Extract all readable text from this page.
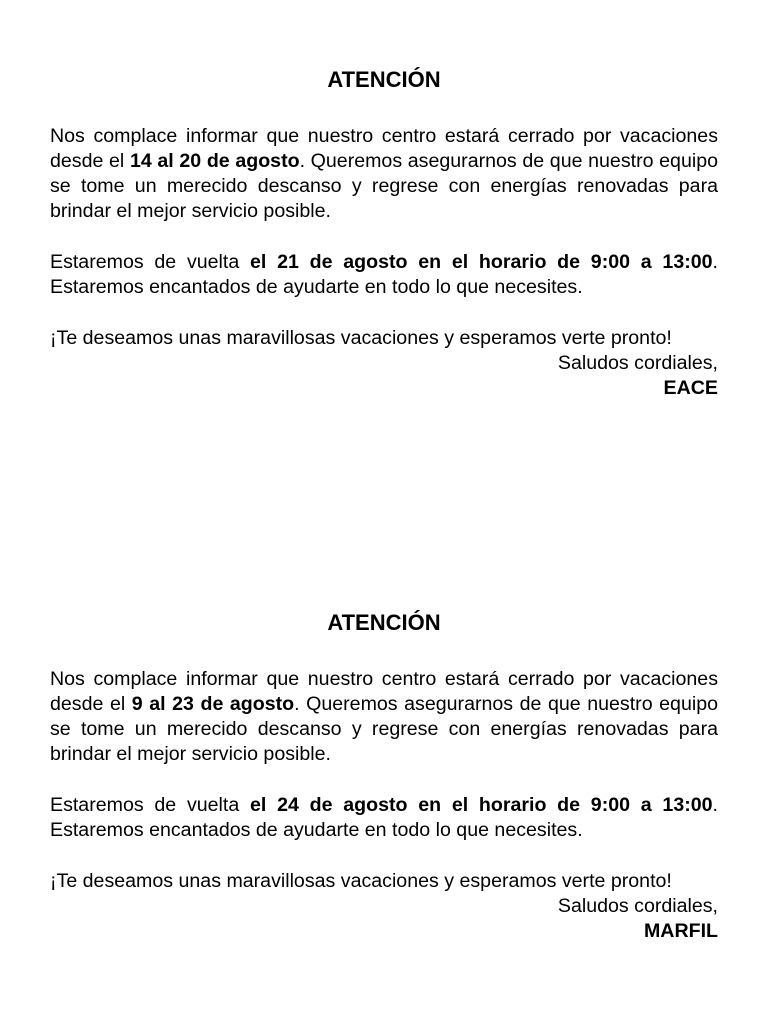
ATENCIÓN

Nos complace informar que nuestro centro estará cerrado por vacaciones desde el 14 al 20 de agosto. Queremos asegurarnos de que nuestro equipo se tome un merecido descanso y regrese con energías renovadas para brindar el mejor servicio posible.

Estaremos de vuelta el 21 de agosto en el horario de 9:00 a 13:00. Estaremos encantados de ayudarte en todo lo que necesites.

¡Te deseamos unas maravillosas vacaciones y esperamos verte pronto!

Saludos cordiales,

EACE

ATENCIÓN

Nos complace informar que nuestro centro estará cerrado por vacaciones desde el 9 al 23 de agosto. Queremos asegurarnos de que nuestro equipo se tome un merecido descanso y regrese con energías renovadas para brindar el mejor servicio posible.

Estaremos de vuelta el 24 de agosto en el horario de 9:00 a 13:00. Estaremos encantados de ayudarte en todo lo que necesites.

¡Te deseamos unas maravillosas vacaciones y esperamos verte pronto!

Saludos cordiales,

MARFIL
